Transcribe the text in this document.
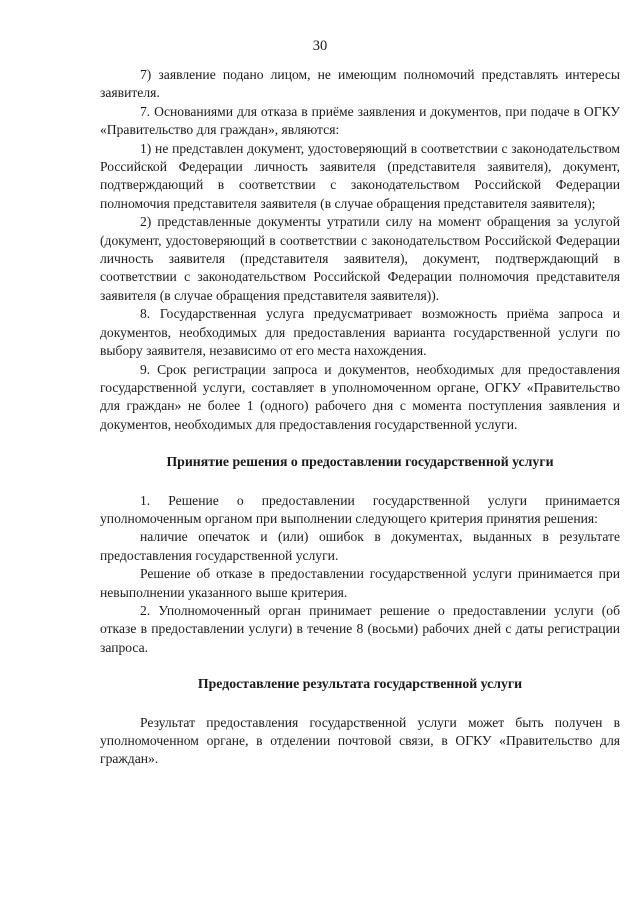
30

7) заявление подано лицом, не имеющим полномочий представлять интересы заявителя.

7. Основаниями для отказа в приёме заявления и документов, при подаче в ОГКУ «Правительство для граждан», являются:

1) не представлен документ, удостоверяющий в соответствии с законодательством Российской Федерации личность заявителя (представителя заявителя), документ, подтверждающий в соответствии с законодательством Российской Федерации полномочия представителя заявителя (в случае обращения представителя заявителя);

2) представленные документы утратили силу на момент обращения за услугой (документ, удостоверяющий в соответствии с законодательством Российской Федерации личность заявителя (представителя заявителя), документ, подтверждающий в соответствии с законодательством Российской Федерации полномочия представителя заявителя (в случае обращения представителя заявителя)).

8. Государственная услуга предусматривает возможность приёма запроса и документов, необходимых для предоставления варианта государственной услуги по выбору заявителя, независимо от его места нахождения.

9. Срок регистрации запроса и документов, необходимых для предоставления государственной услуги, составляет в уполномоченном органе, ОГКУ «Правительство для граждан» не более 1 (одного) рабочего дня с момента поступления заявления и документов, необходимых для предоставления государственной услуги.

Принятие решения о предоставлении государственной услуги

1. Решение о предоставлении государственной услуги принимается уполномоченным органом при выполнении следующего критерия принятия решения:

наличие опечаток и (или) ошибок в документах, выданных в результате предоставления государственной услуги.

Решение об отказе в предоставлении государственной услуги принимается при невыполнении указанного выше критерия.

2. Уполномоченный орган принимает решение о предоставлении услуги (об отказе в предоставлении услуги) в течение 8 (восьми) рабочих дней с даты регистрации запроса.

Предоставление результата государственной услуги

Результат предоставления государственной услуги может быть получен в уполномоченном органе, в отделении почтовой связи, в ОГКУ «Правительство для граждан».
